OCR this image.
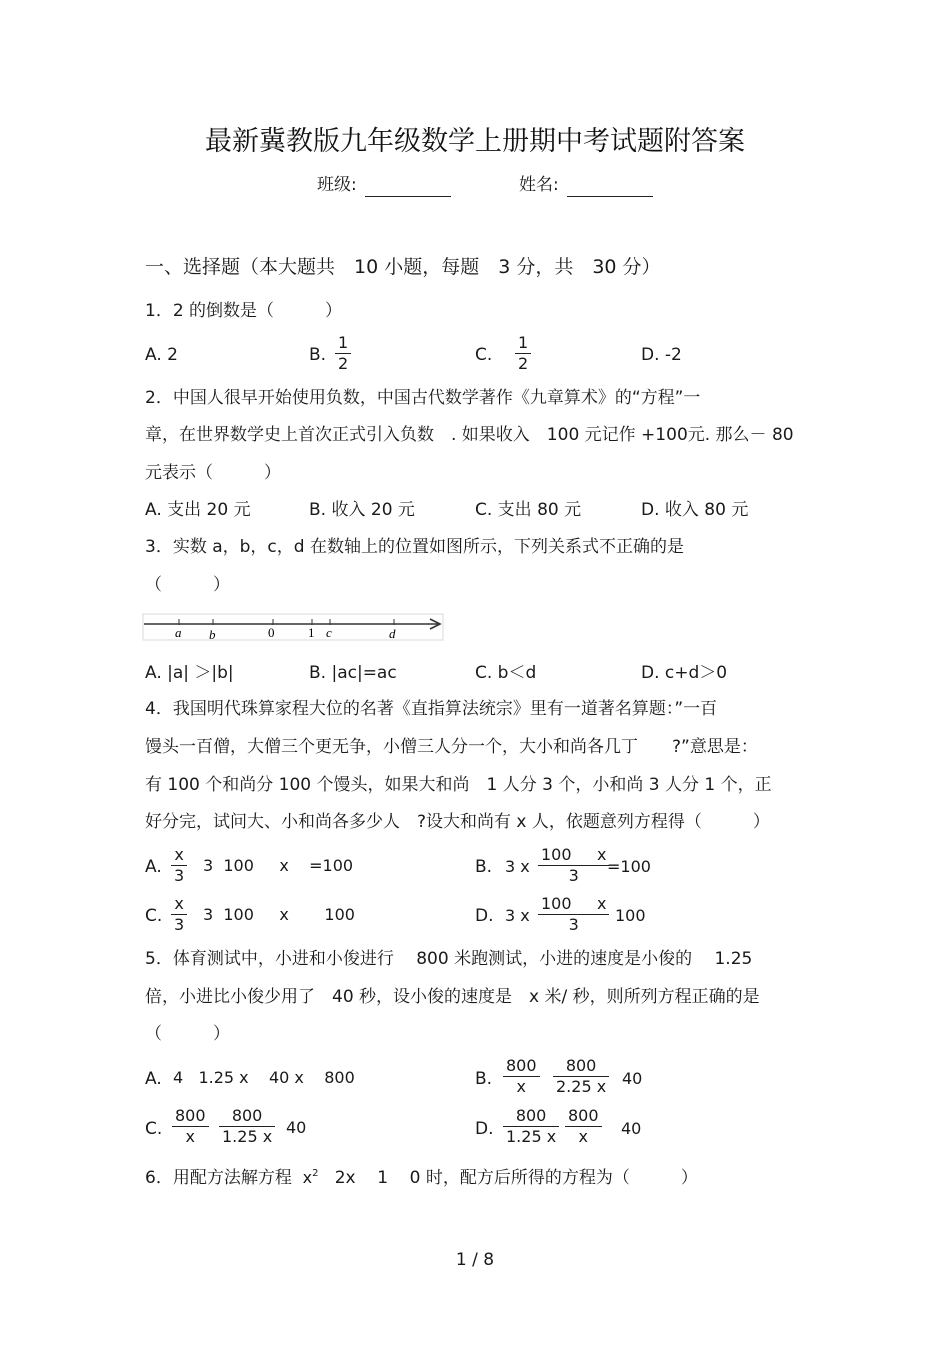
最新冀教版九年级数学上册期中考试题附答案
班级:	姓名:
一、选择题（本大题共　10 小题，每题　3 分，共　30 分）
1．2 的倒数是（　　　）
A. 2	B. $\frac{1}{2}$	C. $\frac{1}{2}$	D. -2
2．中国人很早开始使用负数，中国古代数学著作《九章算术》的“方程”一
章，在世界数学史上首次正式引入负数　. 如果收入　100 元记作 +100元. 那么－ 80
元表示（　　　）
A. 支出 20 元	B. 收入 20 元	C. 支出 80 元	D. 收入 80 元
3．实数 a，b，c，d 在数轴上的位置如图所示，下列关系式不正确的是
（　　　）
a b	0	1 c	d
A. |a| ＞|b|	B. |ac|=ac	C. b＜d	D. c+d＞0
4．我国明代珠算家程大位的名著《直指算法统宗》里有一道著名算题：”一百
馒头一百僧，大僧三个更无争，小僧三人分一个，大小和尚各几丁　　?”意思是：
有 100 个和尚分 100 个馒头，如果大和尚　1 人分 3 个，小和尚 3 人分 1 个，正
好分完，试问大、小和尚各多少人　?设大和尚有 x 人，依题意列方程得（　　　）
A. $\frac{x}{3} 3$  100     x    =100	B. 3 x $\frac{100 x}{3}$
=100
C. $\frac{x}{3} 3$  100     x       100	D. 3 x $\frac{100 x}{3} 100$
5．体育测试中，小进和小俊进行　 800 米跑测试，小进的速度是小俊的　 1.25
倍，小进比小俊少用了　40 秒，设小俊的速度是　x 米/ 秒，则所列方程正确的是
（　　　）
A. 4   1.25 x    40 x    800	B. $\frac{800}{x} \frac{800}{2.25 x} 40$
C. $\frac{800}{x} \frac{800}{1.25 x} 40$	D. $\frac{800}{1.25 x} \frac{800}{x} 40$
6．用配方法解方程 $x^2$ 2x    1    0 时，配方后所得的方程为（　　　）
1 / 8
